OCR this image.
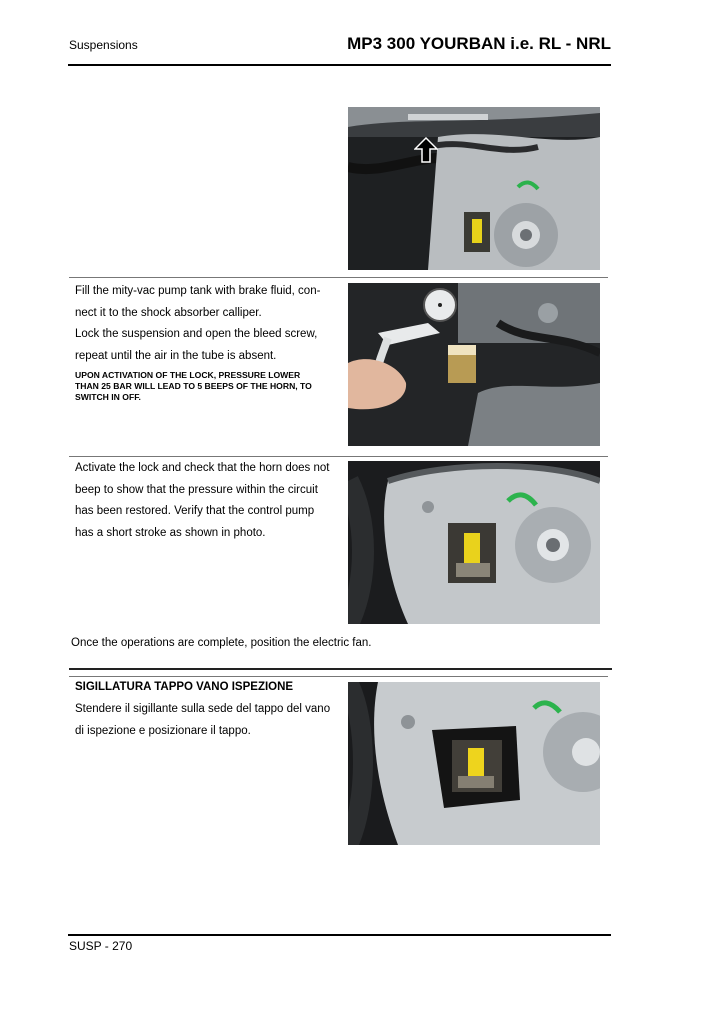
Suspensions	MP3 300 YOURBAN i.e. RL - NRL
Fill the mity-vac pump tank with brake fluid, con-
nect it to the shock absorber calliper.
Lock the suspension and open the bleed screw,
repeat until the air in the tube is absent.
UPON ACTIVATION OF THE LOCK, PRESSURE LOWER
THAN 25 BAR WILL LEAD TO 5 BEEPS OF THE HORN, TO
SWITCH IN OFF.
Activate the lock and check that the horn does not
beep to show that the pressure within the circuit
has been restored. Verify that the control pump
has a short stroke as shown in photo.
Once the operations are complete, position the electric fan.
SIGILLATURA TAPPO VANO ISPEZIONE
Stendere il sigillante sulla sede del tappo del vano
di ispezione e posizionare il tappo.
SUSP - 270
